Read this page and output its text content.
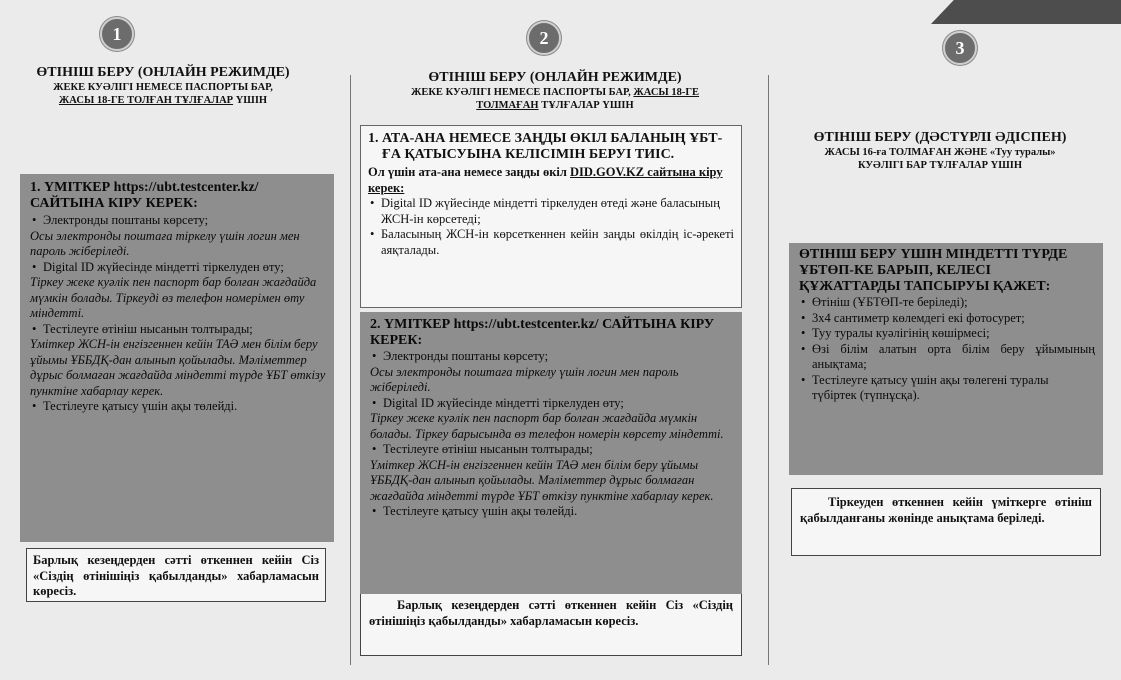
1
ӨТІНІШ БЕРУ (ОНЛАЙН РЕЖИМДЕ)
ЖЕКЕ КУӘЛІГІ НЕМЕСЕ ПАСПОРТЫ БАР,
ЖАСЫ 18-ГЕ ТОЛҒАН ТҰЛҒАЛАР ҮШІН
1. ҮМІТКЕР https://ubt.testcenter.kz/ САЙТЫНА КІРУ КЕРЕК:
• Электронды поштаны көрсету;

Осы электронды поштаға тіркелу үшін логин мен пароль жіберіледі.

• Digital ID жүйесінде міндетті тіркелуден өту;

Тіркеу жеке куәлік пен паспорт бар болған жағдайда мүмкін болады. Тіркеуді өз телефон номерімен өту міндетті.

• Тестілеуге өтініш нысанын толтырады;

Үміткер ЖСН-ін енгізгеннен кейін ТАӘ мен білім беру ұйымы ҰББДҚ-дан алынып қойылады. Мәліметтер дұрыс болмаған жағдайда міндетті түрде ҰБТ өткізу пунктіне хабарлау керек.

• Тестілеуге қатысу үшін ақы төлейді.

Барлық кезеңдерден сәтті өткеннен кейін Сіз «Сіздің өтінішіңіз қабылданды» хабарламасын көресіз.

2
ӨТІНІШ БЕРУ (ОНЛАЙН РЕЖИМДЕ)
ЖЕКЕ КУӘЛІГІ НЕМЕСЕ ПАСПОРТЫ БАР, ЖАСЫ 18-ГЕ
ТОЛМАҒАН ТҰЛҒАЛАР ҮШІН
1. АТА-АНА НЕМЕСЕ ЗАҢДЫ ӨКІЛ БАЛАНЫҢ ҰБТ-ҒА ҚАТЫСУЫНА КЕЛІСІМІН БЕРУІ ТИІС.

Ол үшін ата-ана немесе заңды өкіл DID.GOV.KZ сайтына кіру керек:

• Digital ID жүйесінде міндетті тіркелуден өтеді және баласының ЖСН-ін көрсетеді;
• Баласының ЖСН-ін көрсеткеннен кейін заңды өкілдің іс-әрекеті аяқталады.
2. ҮМІТКЕР https://ubt.testcenter.kz/ САЙТЫНА КІРУ КЕРЕК:
• Электронды поштаны көрсету;

Осы электронды поштаға тіркелу үшін логин мен пароль жіберіледі.

• Digital ID жүйесінде міндетті тіркелуден өту;

Тіркеу жеке куәлік пен паспорт бар болған жағдайда мүмкін болады. Тіркеу барысында өз телефон номерін көрсету міндетті.

• Тестілеуге өтініш нысанын толтырады;

Үміткер ЖСН-ін енгізгеннен кейін ТАӘ мен білім беру ұйымы ҰББДҚ-дан алынып қойылады. Мәліметтер дұрыс болмаған жағдайда міндетті түрде ҰБТ өткізу пунктіне хабарлау керек.

• Тестілеуге қатысу үшін ақы төлейді.

Барлық кезеңдерден сәтті өткеннен кейін Сіз «Сіздің өтінішіңіз қабылданды» хабарламасын көресіз.

3
ӨТІНІШ БЕРУ (ДӘСТҮРЛІ ӘДІСПЕН)
ЖАСЫ 16-ға ТОЛМАҒАН ЖӘНЕ «Туу туралы» КУӘЛІГІ БАР ТҰЛҒАЛАР ҮШІН
ӨТІНІШ БЕРУ ҮШІН МІНДЕТТІ ТҮРДЕ ҰБТӨП-КЕ БАРЫП, КЕЛЕСІ ҚҰЖАТТАРДЫ ТАПСЫРУЫ ҚАЖЕТ:
• Өтініш (ҰБТӨП-те беріледі);
• 3х4 сантиметр көлемдегі екі фотосурет;
• Туу туралы куәлігінің көшірмесі;
• Өзі білім алатын орта білім беру ұйымының анықтама;
• Тестілеуге қатысу үшін ақы төлегені туралы түбіртек (түпнұсқа).

Тіркеуден өткеннен кейін үміткерге өтініш қабылданғаны жөнінде анықтама беріледі.
